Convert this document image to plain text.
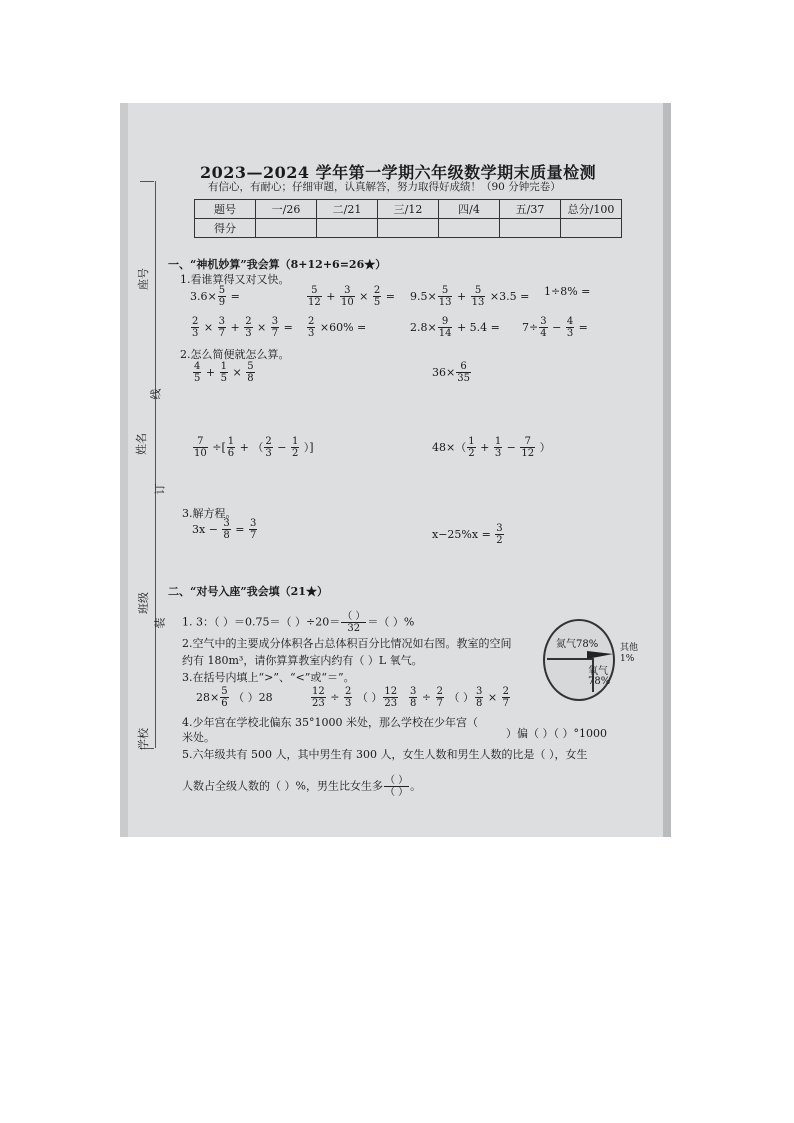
座号
线
姓名
订
班级
装
学校
2023—2024 学年第一学期六年级数学期末质量检测
有信心，有耐心；仔细审题，认真解答，努力取得好成绩！（90 分钟完卷）
题号	一/26	二/21	三/12	四/4	五/37	总分/100
得分						
一、“神机妙算”我会算（8+12+6=26★）
1.看谁算得又对又快。
$3.6\times \frac{5}{9}$ =	$\frac{5}{12} + \frac{3}{10} \times \frac{2}{5} = 9.5\times \frac{5}{13} + \frac{5}{13} \times 3.5 = 1\div 8\%$ =
$\frac{2}{3} \times \frac{3}{7} + \frac{2}{3} \times \frac{3}{7} = \frac{2}{3} \times 60\%$ =	$2.8\times \frac{9}{14} + 5.4 = 7\div \frac{3}{4} - \frac{4}{3}$ =
2.怎么简便就怎么算。
$\frac{4}{5} + \frac{1}{5} \times \frac{5}{8}$	$36\times \frac{6}{35}$
$\frac{7}{10}$ ÷[ $\frac{1}{6}$ + （ $\frac{2}{3} - \frac{1}{2}$ ）]	$48\times( \frac{1}{2} + \frac{1}{3} - \frac{7}{12}$ ）
3.解方程。
$3x - \frac{3}{8} = \frac{3}{7}$	$x-25\%x = \frac{3}{2}$
二、“对号入座”我会填（21★）
1. 3：（ ）＝0.75＝（ ）$\div 20= \frac{( )}{32}$ ＝（ ）%
2.空气中的主要成分体积各占总体积百分比情况如右图。教室的空间
约有 180m³，请你算算教室内约有（ ）L 氧气。
3.在括号内填上“>”、“<”或“＝”。
$28\times \frac{5}{6}$ （ ）28	$\frac{12}{23} \div \frac{2}{3}$ （ ） $\frac{12}{23} \frac{3}{8} \div \frac{2}{7}$ （ ） $\frac{3}{8} \times \frac{2}{7}$
4.少年宫在学校北偏东 35°1000 米处，那么学校在少年宫（
）偏（ ）（ ）°1000
米处。
5.六年级共有 500 人，其中男生有 300 人，女生人数和男生人数的比是（ ），女生
人数占全级人数的（ ）%，男生比女生多 $\frac{( )}{( )}$ 。
氮气78%
氧气
78%
其他
1%
